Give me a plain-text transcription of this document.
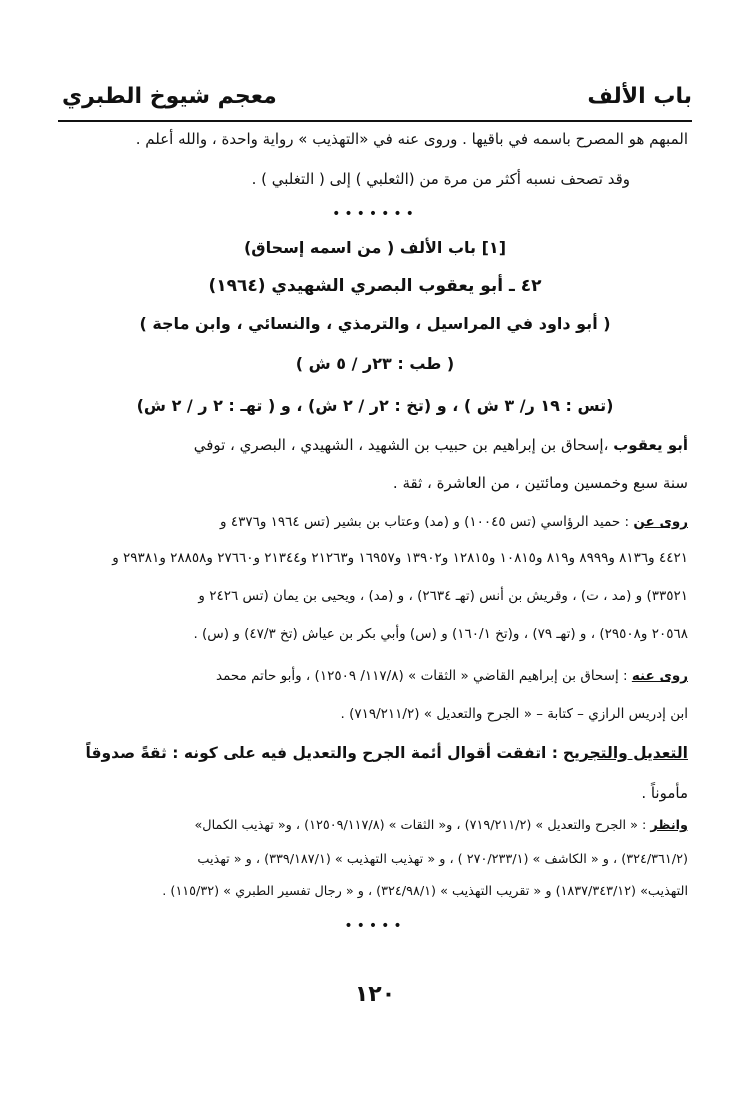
باب الألف
معجم شيوخ الطبري
المبهم هو المصرح باسمه في باقيها . وروى عنه في «التهذيب » رواية واحدة ، والله أعلم .
وقد تصحف نسبه أكثر من مرة من (الثعلبي ) إلى ( التغلبي ) .
•••••••
[١] باب الألف ( من اسمه إسحاق)
٤٢ ـ أبو يعقوب البصري الشهيدي (١٩٦٤)
( أبو داود في المراسيل ، والترمذي ، والنسائي ، وابن ماجة )
( طب : ٢٣ر / ٥ ش )
(تس : ١٩ ر/ ٣ ش ) ، و (تخ : ٢ر / ٢ ش) ، و ( تهـ : ٢ ر / ٢ ش)
أبو يعقوب ،إسحاق بن إبراهيم بن حبيب بن الشهيد ، الشهيدي ، البصري ، توفي
سنة سبع وخمسين ومائتين ، من العاشرة ، ثقة .
روى عن : حميد الرؤاسي (تس ١٠٠٤٥) و (مد) وعتاب بن بشير (تس ١٩٦٤ و٤٣٧٦ و
٤٤٢١ و٨١٣٦ و٨٩٩٩ و٨١٩ و١٠٨١٥ و١٢٨١٥ و١٣٩٠٢ و١٦٩٥٧ و٢١٢٦٣ و٢١٣٤٤ و٢٧٦٦٠ و٢٨٨٥٨ و٢٩٣٨١ و
٣٣٥٢١) و (مد ، ت) ، وقريش بن أنس (تهـ ٢٦٣٤) ، و (مد) ، ويحيى بن يمان (تس ٢٤٢٦ و
٢٠٥٦٨ و٢٩٥٠٨) ، و (تهـ ٧٩) ، و(تخ ١٦٠/١) و (س) وأبي بكر بن عياش (تخ ٤٧/٣) و (س) .
روى عنه : إسحاق بن إبراهيم القاضي « الثقات » (١١٧/٨/ ١٢٥٠٩) ، وأبو حاتم محمد
ابن إدريس الرازي – كتابة – « الجرح والتعديل » (٧١٩/٢١١/٢) .
التعديل والتجريح : اتفقت أقوال أئمة الجرح والتعديل فيه على كونه : ثقةً صدوقاً
مأموناً .
وانظر : « الجرح والتعديل » (٧١٩/٢١١/٢) ، و« الثقات » (١٢٥٠٩/١١٧/٨) ، و« تهذيب الكمال»
(٣٢٤/٣٦١/٢) ، و « الكاشف » (٢٧٠/٢٣٣/١ ) ، و « تهذيب التهذيب » (٣٣٩/١٨٧/١) ، و « تهذيب
التهذيب» (١٨٣٧/٣٤٣/١٢) و « تقريب التهذيب » (٣٢٤/٩٨/١) ، و « رجال تفسير الطبري » (١١٥/٣٢) .
•••••
١٢٠
